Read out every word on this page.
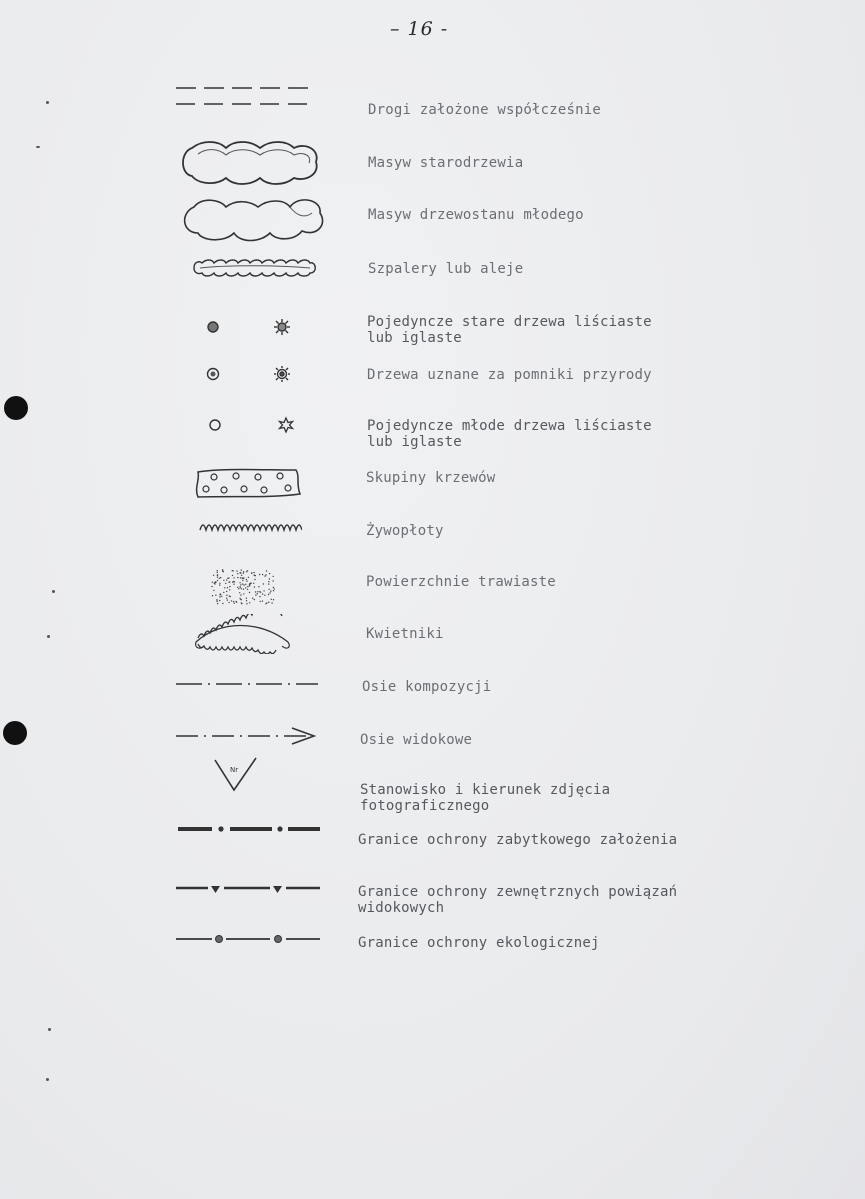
– 16 -
Drogi założone współcześnie
Masyw starodrzewia
Masyw drzewostanu młodego
Szpalery lub aleje
Pojedyncze stare drzewa liściaste
lub iglaste
Drzewa uznane za pomniki przyrody
Pojedyncze młode drzewa liściaste
lub iglaste
Skupiny krzewów
Żywopłoty
Powierzchnie trawiaste
Kwietniki
Osie kompozycji
Osie widokowe
Nr
Stanowisko i kierunek zdjęcia
fotograficznego
Granice ochrony zabytkowego założenia
Granice ochrony zewnętrznych powiązań
widokowych
Granice ochrony ekologicznej
